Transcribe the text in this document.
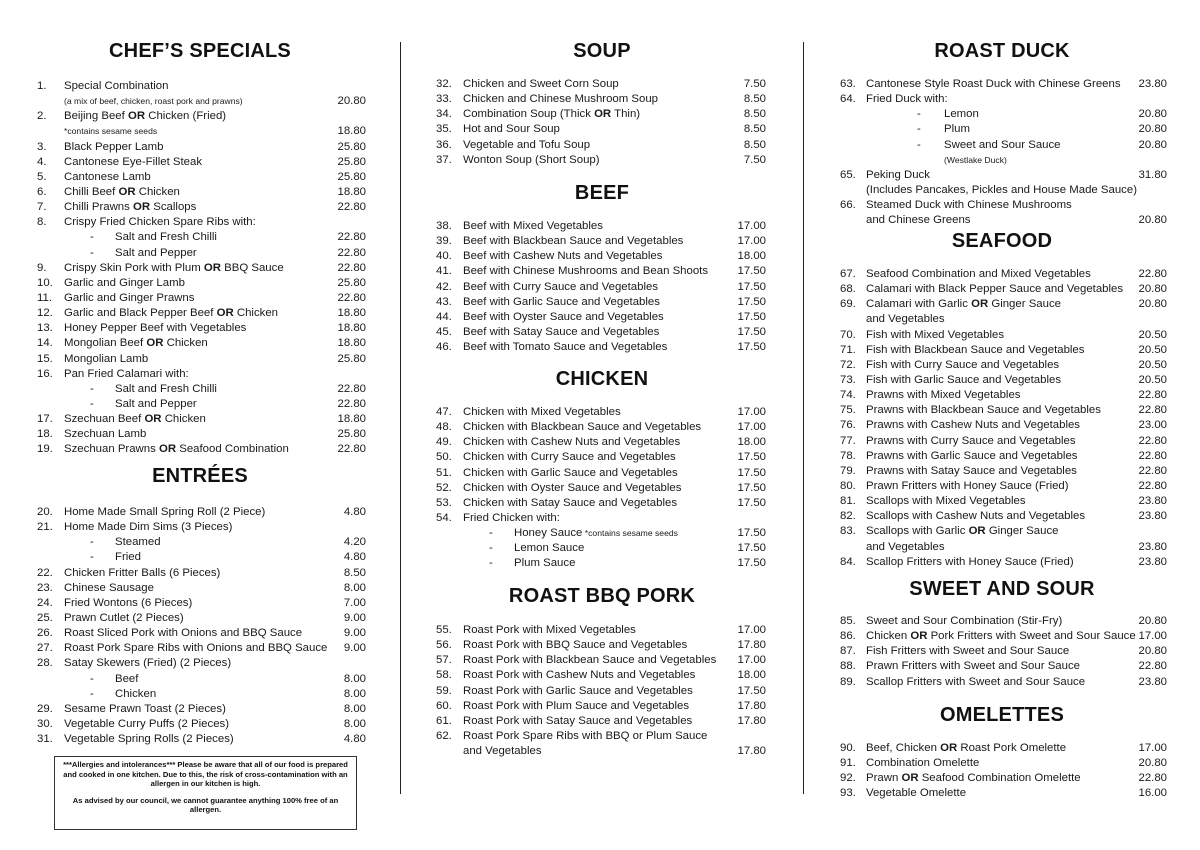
CHEF’S SPECIALS
1. Special Combination
(a mix of beef, chicken, roast pork and prawns)	20.80
2. Beijing Beef OR Chicken (Fried)
*contains sesame seeds	18.80
3. Black Pepper Lamb	25.80
4. Cantonese Eye-Fillet Steak	25.80
5. Cantonese Lamb	25.80
6. Chilli Beef OR Chicken	18.80
7. Chilli Prawns OR Scallops	22.80
8. Crispy Fried Chicken Spare Ribs with:
- Salt and Fresh Chilli	22.80
- Salt and Pepper	22.80
9. Crispy Skin Pork with Plum OR BBQ Sauce	22.80
10. Garlic and Ginger Lamb	25.80
11. Garlic and Ginger Prawns	22.80
12. Garlic and Black Pepper Beef OR Chicken	18.80
13. Honey Pepper Beef with Vegetables	18.80
14. Mongolian Beef OR Chicken	18.80
15. Mongolian Lamb	25.80
16. Pan Fried Calamari with:
- Salt and Fresh Chilli	22.80
- Salt and Pepper	22.80
17. Szechuan Beef OR Chicken	18.80
18. Szechuan Lamb	25.80
19. Szechuan Prawns OR Seafood Combination	22.80
ENTRÉES
20. Home Made Small Spring Roll (2 Piece)	4.80
21. Home Made Dim Sims (3 Pieces)
- Steamed	4.20
- Fried	4.80
22. Chicken Fritter Balls (6 Pieces)	8.50
23. Chinese Sausage	8.00
24. Fried Wontons (6 Pieces)	7.00
25. Prawn Cutlet (2 Pieces)	9.00
26. Roast Sliced Pork with Onions and BBQ Sauce	9.00
27. Roast Pork Spare Ribs with Onions and BBQ Sauce 9.00
28. Satay Skewers (Fried) (2 Pieces)
- Beef	8.00
- Chicken	8.00
29. Sesame Prawn Toast (2 Pieces)	8.00
30. Vegetable Curry Puffs (2 Pieces)	8.00
31. Vegetable Spring Rolls (2 Pieces)	4.80

***Allergies and intolerances*** Please be aware that all of our food is prepared and cooked in one kitchen. Due to this, the risk of cross-contamination with an allergen in our kitchen is high.

As advised by our council, we cannot guarantee anything 100% free of an allergen.

SOUP
32. Chicken and Sweet Corn Soup	7.50
33. Chicken and Chinese Mushroom Soup	8.50
34. Combination Soup (Thick OR Thin)	8.50
35. Hot and Sour Soup	8.50
36. Vegetable and Tofu Soup	8.50
37. Wonton Soup (Short Soup)	7.50
BEEF
38. Beef with Mixed Vegetables	17.00
39. Beef with Blackbean Sauce and Vegetables	17.00
40. Beef with Cashew Nuts and Vegetables	18.00
41. Beef with Chinese Mushrooms and Bean Shoots	17.50
42. Beef with Curry Sauce and Vegetables	17.50
43. Beef with Garlic Sauce and Vegetables	17.50
44. Beef with Oyster Sauce and Vegetables	17.50
45. Beef with Satay Sauce and Vegetables	17.50
46. Beef with Tomato Sauce and Vegetables	17.50
CHICKEN
47. Chicken with Mixed Vegetables	17.00
48. Chicken with Blackbean Sauce and Vegetables	17.00
49. Chicken with Cashew Nuts and Vegetables	18.00
50. Chicken with Curry Sauce and Vegetables	17.50
51. Chicken with Garlic Sauce and Vegetables	17.50
52. Chicken with Oyster Sauce and Vegetables	17.50
53. Chicken with Satay Sauce and Vegetables	17.50
54. Fried Chicken with:
- Honey Sauce *contains sesame seeds	17.50
- Lemon Sauce	17.50
- Plum Sauce	17.50
ROAST BBQ PORK
55. Roast Pork with Mixed Vegetables	17.00
56. Roast Pork with BBQ Sauce and Vegetables	17.80
57. Roast Pork with Blackbean Sauce and Vegetables 17.00
58. Roast Pork with Cashew Nuts and Vegetables	18.00
59. Roast Pork with Garlic Sauce and Vegetables	17.50
60. Roast Pork with Plum Sauce and Vegetables	17.80
61. Roast Pork with Satay Sauce and Vegetables	17.80
62. Roast Pork Spare Ribs with BBQ or Plum Sauce
and Vegetables	17.80
ROAST DUCK
63. Cantonese Style Roast Duck with Chinese Greens 23.80
64. Fried Duck with:
- Lemon	20.80
- Plum	20.80
- Sweet and Sour Sauce	20.80
(Westlake Duck)
65. Peking Duck	31.80
(Includes Pancakes, Pickles and House Made Sauce)
66. Steamed Duck with Chinese Mushrooms
and Chinese Greens	20.80
SEAFOOD
67. Seafood Combination and Mixed Vegetables	22.80
68. Calamari with Black Pepper Sauce and Vegetables 20.80
69. Calamari with Garlic OR Ginger Sauce	20.80
and Vegetables
70. Fish with Mixed Vegetables	20.50
71. Fish with Blackbean Sauce and Vegetables	20.50
72. Fish with Curry Sauce and Vegetables	20.50
73. Fish with Garlic Sauce and Vegetables	20.50
74. Prawns with Mixed Vegetables	22.80
75. Prawns with Blackbean Sauce and Vegetables	22.80
76. Prawns with Cashew Nuts and Vegetables	23.00
77. Prawns with Curry Sauce and Vegetables	22.80
78. Prawns with Garlic Sauce and Vegetables	22.80
79. Prawns with Satay Sauce and Vegetables	22.80
80. Prawn Fritters with Honey Sauce (Fried)	22.80
81. Scallops with Mixed Vegetables	23.80
82. Scallops with Cashew Nuts and Vegetables	23.80
83. Scallops with Garlic OR Ginger Sauce
and Vegetables	23.80
84. Scallop Fritters with Honey Sauce (Fried)	23.80
SWEET AND SOUR
85. Sweet and Sour Combination (Stir-Fry)	20.80
86. Chicken OR Pork Fritters with Sweet and Sour Sauce 17.00
87. Fish Fritters with Sweet and Sour Sauce	20.80
88. Prawn Fritters with Sweet and Sour Sauce	22.80
89. Scallop Fritters with Sweet and Sour Sauce	23.80
OMELETTES
90. Beef, Chicken OR Roast Pork Omelette	17.00
91. Combination Omelette	20.80
92. Prawn OR Seafood Combination Omelette	22.80
93. Vegetable Omelette	16.00
